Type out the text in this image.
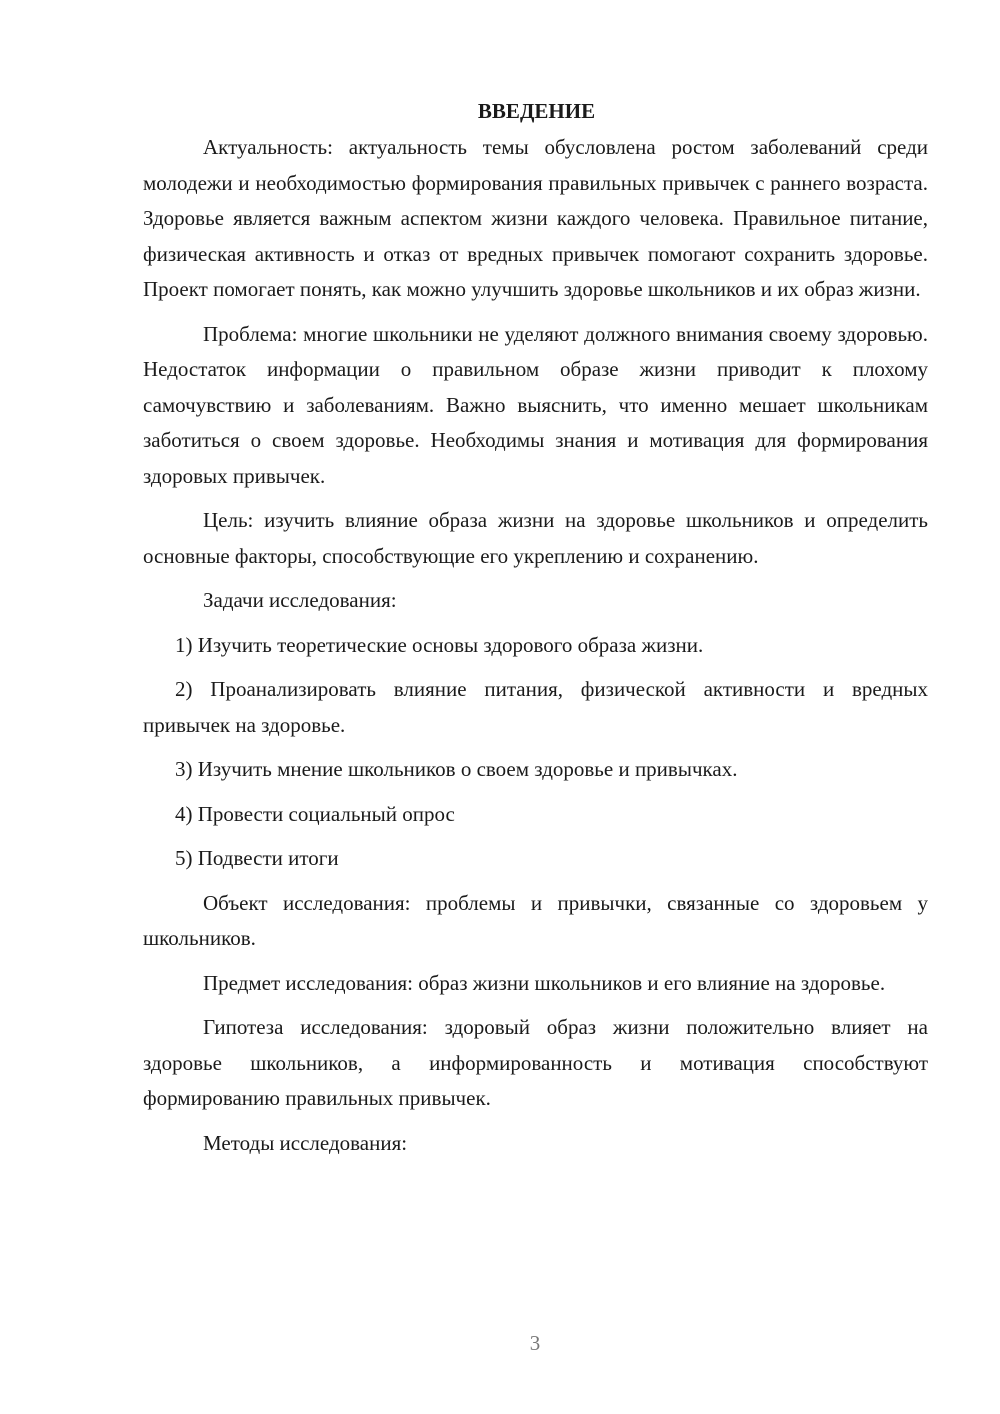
ВВЕДЕНИЕ

Актуальность: актуальность темы обусловлена ростом заболеваний среди молодежи и необходимостью формирования правильных привычек с раннего возраста. Здоровье является важным аспектом жизни каждого человека. Правильное питание, физическая активность и отказ от вредных привычек помогают сохранить здоровье. Проект помогает понять, как можно улучшить здоровье школьников и их образ жизни.

Проблема: многие школьники не уделяют должного внимания своему здоровью. Недостаток информации о правильном образе жизни приводит к плохому самочувствию и заболеваниям. Важно выяснить, что именно мешает школьникам заботиться о своем здоровье. Необходимы знания и мотивация для формирования здоровых привычек.

Цель: изучить влияние образа жизни на здоровье школьников и определить основные факторы, способствующие его укреплению и сохранению.

Задачи исследования:

1) Изучить теоретические основы здорового образа жизни.

2) Проанализировать влияние питания, физической активности и вредных привычек на здоровье.

3) Изучить мнение школьников о своем здоровье и привычках.

4) Провести социальный опрос

5) Подвести итоги

Объект исследования: проблемы и привычки, связанные со здоровьем у школьников.

Предмет исследования: образ жизни школьников и его влияние на здоровье.

Гипотеза исследования: здоровый образ жизни положительно влияет на здоровье школьников, а информированность и мотивация способствуют формированию правильных привычек.

Методы исследования:

3
